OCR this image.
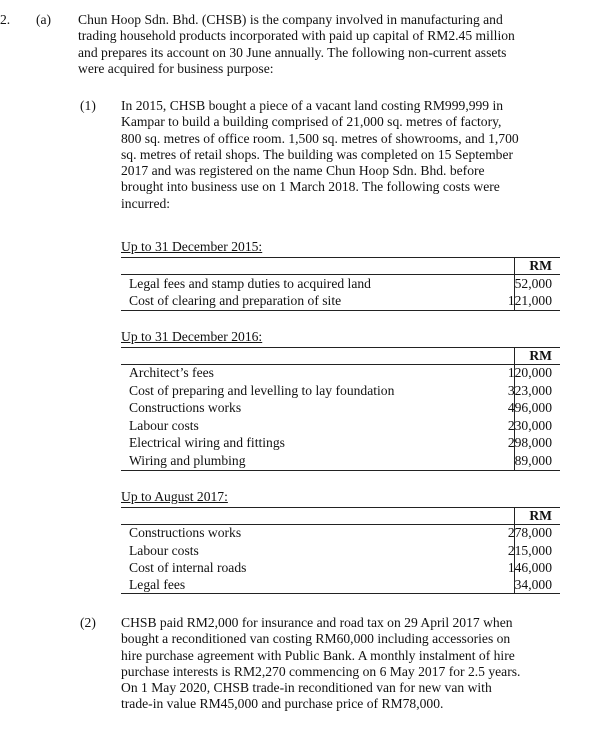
2. (a) Chun Hoop Sdn. Bhd. (CHSB) is the company involved in manufacturing and
trading household products incorporated with paid up capital of RM2.45 million
and prepares its account on 30 June annually. The following non-current assets
were acquired for business purpose:
(1) In 2015, CHSB bought a piece of a vacant land costing RM999,999 in
Kampar to build a building comprised of 21,000 sq. metres of factory,
800 sq. metres of office room. 1,500 sq. metres of showrooms, and 1,700
sq. metres of retail shops. The building was completed on 15 September
2017 and was registered on the name Chun Hoop Sdn. Bhd. before
brought into business use on 1 March 2018. The following costs were
incurred:
Up to 31 December 2015:
RM
Legal fees and stamp duties to acquired land	52,000
Cost of clearing and preparation of site	121,000
Up to 31 December 2016:
RM
Architect’s fees	120,000
Cost of preparing and levelling to lay foundation	323,000
Constructions works	496,000
Labour costs	230,000
Electrical wiring and fittings	298,000
Wiring and plumbing	89,000
Up to August 2017:
RM
Constructions works	278,000
Labour costs	215,000
Cost of internal roads	146,000
Legal fees	34,000
(2) CHSB paid RM2,000 for insurance and road tax on 29 April 2017 when
bought a reconditioned van costing RM60,000 including accessories on
hire purchase agreement with Public Bank. A monthly instalment of hire
purchase interests is RM2,270 commencing on 6 May 2017 for 2.5 years.
On 1 May 2020, CHSB trade-in reconditioned van for new van with
trade-in value RM45,000 and purchase price of RM78,000.
